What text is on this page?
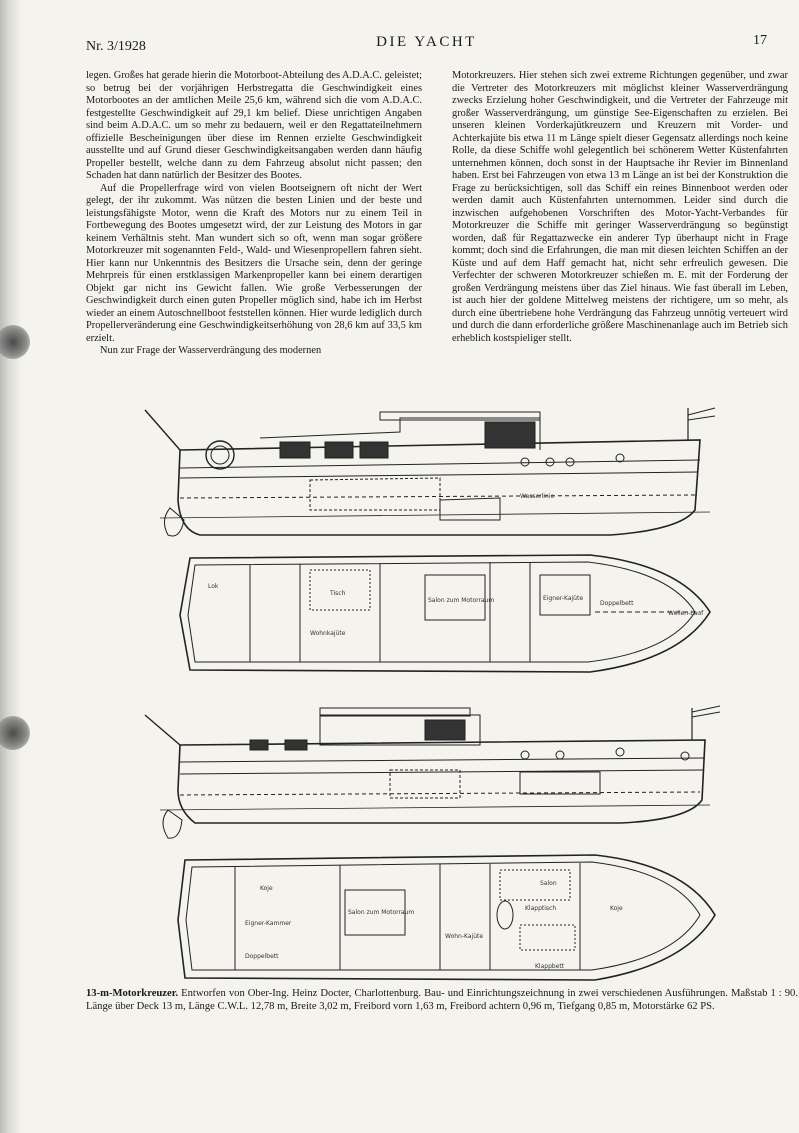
Nr. 3/1928	DIE YACHT	17

legen. Großes hat gerade hierin die Motorboot-Abteilung des A.D.A.C. geleistet; so betrug bei der vorjährigen Herbstregatta die Geschwindigkeit eines Motorbootes an der amtlichen Meile 25,6 km, während sich die vom A.D.A.C. festgestellte Geschwindigkeit auf 29,1 km belief. Diese unrichtigen Angaben sind beim A.D.A.C. um so mehr zu bedauern, weil er den Regattateilnehmern offizielle Bescheinigungen über diese im Rennen erzielte Geschwindigkeit ausstellte und auf Grund dieser Geschwindigkeitsangaben werden dann häufig Propeller bestellt, welche dann zu dem Fahrzeug absolut nicht passen; den Schaden hat dann natürlich der Besitzer des Bootes.

Auf die Propellerfrage wird von vielen Bootseignern oft nicht der Wert gelegt, der ihr zukommt. Was nützen die besten Linien und der beste und leistungsfähigste Motor, wenn die Kraft des Motors nur zu einem Teil in Fortbewegung des Bootes umgesetzt wird, der zur Leistung des Motors in gar keinem Verhältnis steht. Man wundert sich so oft, wenn man sogar größere Motorkreuzer mit sogenannten Feld-, Wald- und Wiesenpropellern fahren sieht. Hier kann nur Unkenntnis des Besitzers die Ursache sein, denn der geringe Mehrpreis für einen erstklassigen Markenpropeller kann bei einem derartigen Objekt gar nicht ins Gewicht fallen. Wie große Verbesserungen der Geschwindigkeit durch einen guten Propeller möglich sind, habe ich im Herbst wieder an einem Autoschnellboot feststellen können. Hier wurde lediglich durch Propellerveränderung eine Geschwindigkeitserhöhung von 28,6 km auf 33,5 km erzielt.

Nun zur Frage der Wasserverdrängung des modernen

Motorkreuzers. Hier stehen sich zwei extreme Richtungen gegenüber, und zwar die Vertreter des Motorkreuzers mit möglichst kleiner Wasserverdrängung zwecks Erzielung hoher Geschwindigkeit, und die Vertreter der Fahrzeuge mit großer Wasserverdrängung, um günstige See-Eigenschaften zu erzielen. Bei unseren kleinen Vorderkajütkreuzern und Kreuzern mit Vorder- und Achterkajüte bis etwa 11 m Länge spielt dieser Gegensatz allerdings noch keine Rolle, da diese Schiffe wohl gelegentlich bei schönerem Wetter Küstenfahrten unternehmen können, doch sonst in der Hauptsache ihr Revier im Binnenland haben. Erst bei Fahrzeugen von etwa 13 m Länge an ist bei der Konstruktion die Frage zu berücksichtigen, soll das Schiff ein reines Binnenboot werden oder werden damit auch Küstenfahrten unternommen. Leider sind durch die inzwischen aufgehobenen Vorschriften des Motor-Yacht-Verbandes für Motorkreuzer die Schiffe mit geringer Wasserverdrängung so begünstigt worden, daß für Regattazwecke ein anderer Typ überhaupt nicht in Frage kommt; doch sind die Erfahrungen, die man mit diesen leichten Schiffen an der Küste und auf dem Haff gemacht hat, nicht sehr erfreulich gewesen. Die Verfechter der schweren Motorkreuzer schießen m. E. mit der Forderung der großen Verdrängung meistens über das Ziel hinaus. Wie fast überall im Leben, ist auch hier der goldene Mittelweg meistens der richtigere, um so mehr, als durch eine übertriebene hohe Verdrängung das Fahrzeug unnötig verteuert wird und durch die dann erforderliche größere Maschinenanlage auch im Betrieb sich erheblich kostspieliger stellt.

Wasserlinie
Lok
Wohnkajüte
Tisch
Salon zum Motorraum	Eigner-Kajüte
Doppelbett
Wellen-Lauf
Koje
Eigner-Kammer
Doppelbett
Salon zum Motorraum
Wohn-Kajüte
Klapptisch
Salon
Koje
Klappbett
13-m-Motorkreuzer. Entworfen von Ober-Ing. Heinz Docter, Charlottenburg. Bau- und Einrichtungszeichnung in zwei verschiedenen Ausführungen. Maßstab 1 : 90. Länge über Deck 13 m, Länge C.W.L. 12,78 m, Breite 3,02 m, Freibord vorn 1,63 m, Freibord achtern 0,96 m, Tiefgang 0,85 m, Motorstärke 62 PS.
